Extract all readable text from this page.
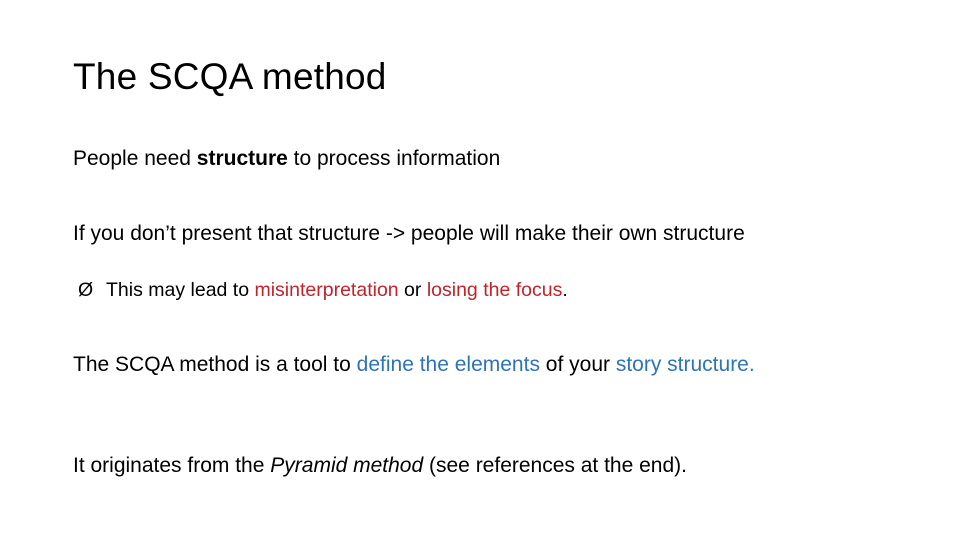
The SCQA method
People need structure to process information
If you don’t present that structure -> people will make their own structure
Ø This may lead to misinterpretation or losing the focus.
The SCQA method is a tool to define the elements of your story structure.
It originates from the Pyramid method (see references at the end).
